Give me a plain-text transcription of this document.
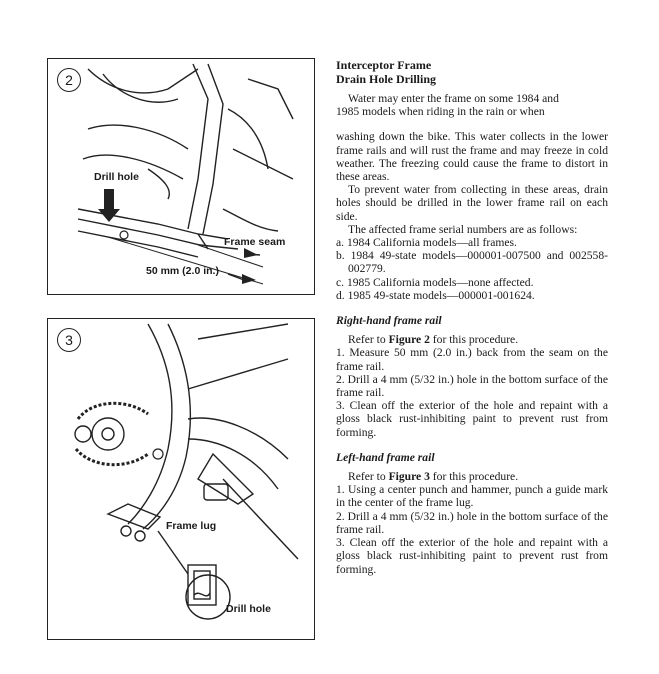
2
Drill hole
Frame seam
50 mm (2.0 in.)
3
Frame lug
Drill hole

Interceptor Frame

Drain Hole Drilling

Water may enter the frame on some 1984 and

1985 models when riding in the rain or when

washing down the bike. This water collects in the lower frame rails and will rust the frame and may freeze in cold weather. The freezing could cause the frame to distort in these areas.

To prevent water from collecting in these areas, drain holes should be drilled in the lower frame rail on each side.

The affected frame serial numbers are as follows:

a. 1984 California models—all frames.

b. 1984 49-state models—000001-007500 and 002558-002779.

c. 1985 California models—none affected.

d. 1985 49-state models—000001-001624.

Right-hand frame rail

Refer to Figure 2 for this procedure.

1. Measure 50 mm (2.0 in.) back from the seam on the frame rail.

2. Drill a 4 mm (5/32 in.) hole in the bottom surface of the frame rail.

3. Clean off the exterior of the hole and repaint with a gloss black rust-inhibiting paint to prevent rust from forming.

Left-hand frame rail

Refer to Figure 3 for this procedure.

1. Using a center punch and hammer, punch a guide mark in the center of the frame lug.

2. Drill a 4 mm (5/32 in.) hole in the bottom surface of the frame rail.

3. Clean off the exterior of the hole and repaint with a gloss black rust-inhibiting paint to prevent rust from forming.
